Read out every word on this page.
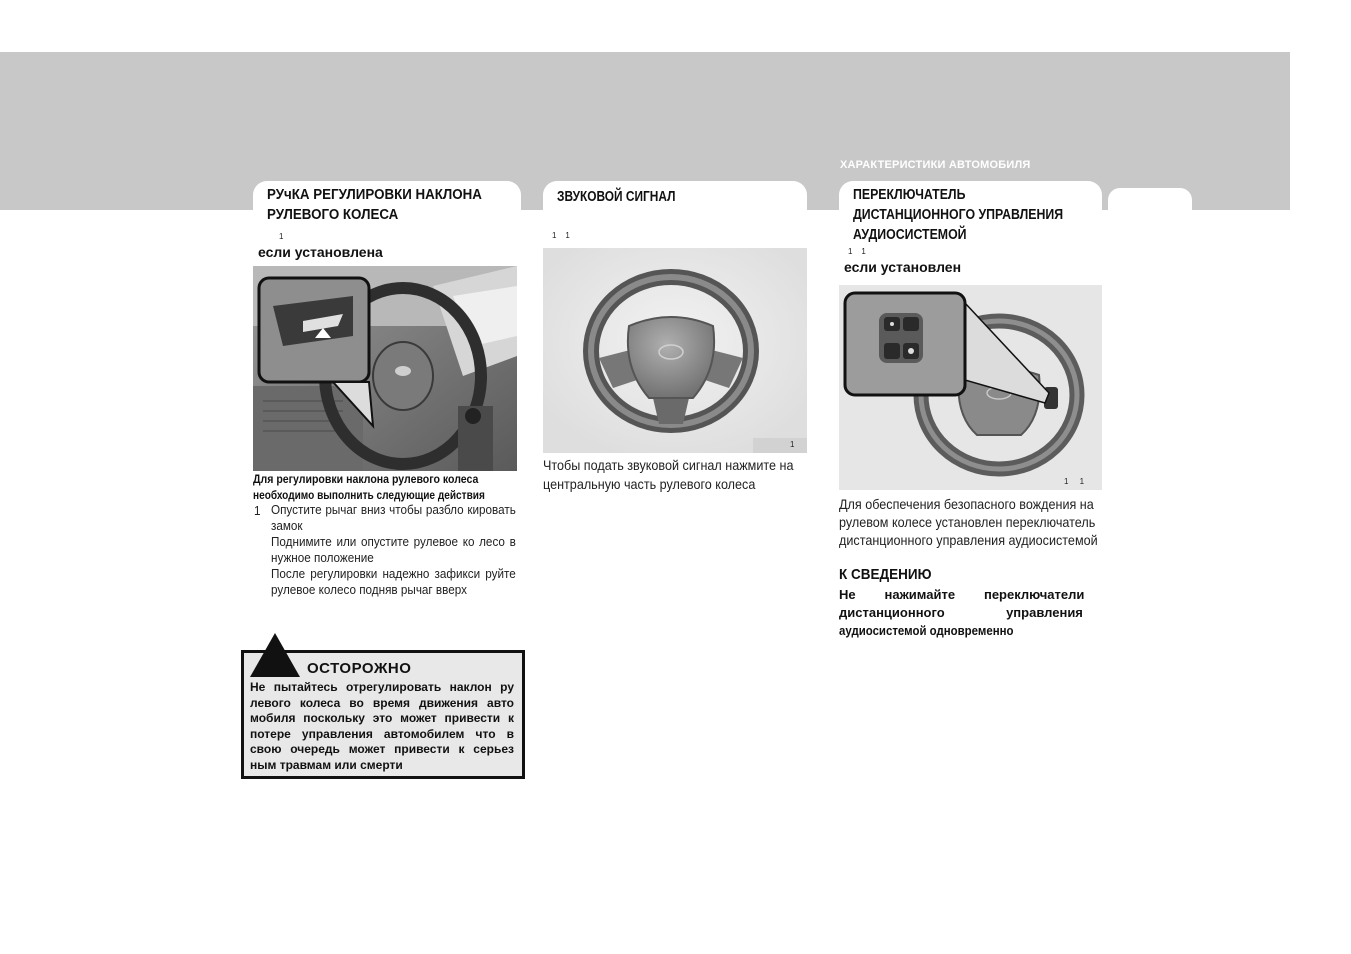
ХАРАКТЕРИСТИКИ АВТОМОБИЛЯ
РУчКА РЕГУЛИРОВКИ НАКЛОНА
РУЛЕВОГО КОЛЕСА
1
если установлена
Для регулировки наклона рулевого колеса
необходимо выполнить следующие действия
1 Опустите рычаг вниз чтобы разбло кировать замок
Поднимите или опустите рулевое ко лесо в нужное положение
После регулировки надежно зафикси руйте рулевое колесо подняв рычаг вверх
ОСТОРОЖНО
Не пытайтесь отрегулировать наклон ру левого колеса во время движения авто мобиля поскольку это может привести к потере управления автомобилем что в свою очередь может привести к серьез ным травмам или смерти
ЗВУКОВОЙ СИГНАЛ
1    1
1
Чтобы подать звуковой сигнал нажмите на центральную часть рулевого колеса
ПЕРЕКЛЮЧАТЕЛЬ
ДИСТАНЦИОННОГО УПРАВЛЕНИЯ
АУДИОСИСТЕМОЙ
1    1
если установлен
1     1
Для обеспечения безопасного вождения на рулевом колесе установлен переключатель дистанционного управления аудиосистемой
К СВЕДЕНИЮ
Не        нажимайте        переключатели
дистанционного                 управления
аудиосистемой одновременно
